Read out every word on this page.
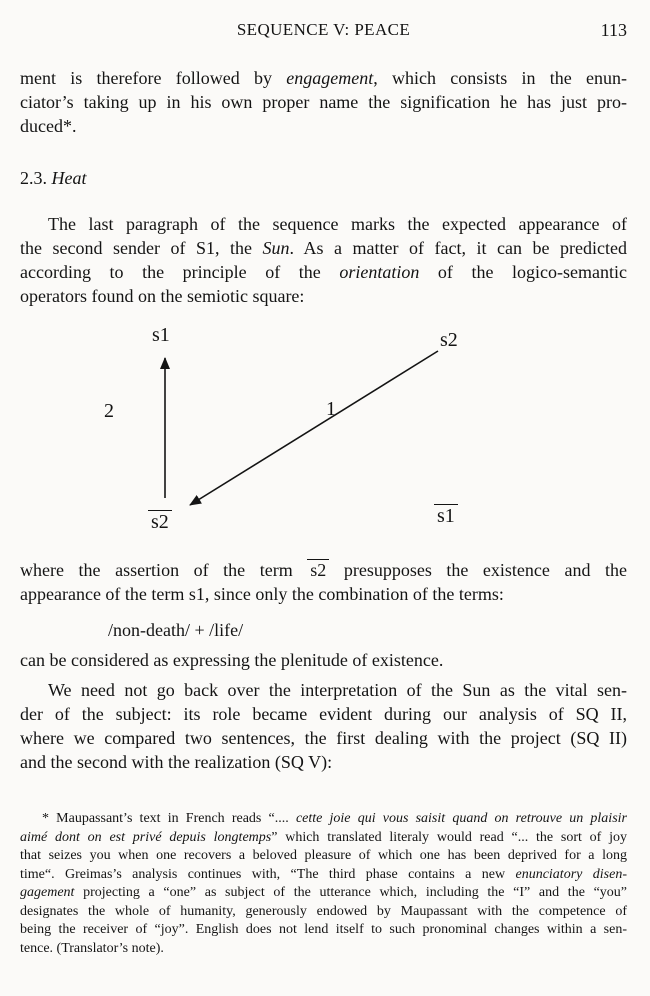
SEQUENCE V: PEACE	113
ment is therefore followed by engagement, which consists in the enun-
ciator’s taking up in his own proper name the signification he has just pro-
duced*.
2.3. Heat
The last paragraph of the sequence marks the expected appearance of
the second sender of S1, the Sun. As a matter of fact, it can be predicted
according to the principle of the orientation of the logico-semantic
operators found on the semiotic square:
s1	s2
2	1
s2	s1
where the assertion of the term s2 presupposes the existence and the
appearance of the term s1, since only the combination of the terms:
/non-death/ + /life/
can be considered as expressing the plenitude of existence.
We need not go back over the interpretation of the Sun as the vital sen-
der of the subject: its role became evident during our analysis of SQ II,
where we compared two sentences, the first dealing with the project (SQ II)
and the second with the realization (SQ V):
* Maupassant’s text in French reads “.... cette joie qui vous saisit quand on retrouve un plaisir
aimé dont on est privé depuis longtemps” which translated literaly would read “... the sort of joy
that seizes you when one recovers a beloved pleasure of which one has been deprived for a long
time“. Greimas’s analysis continues with, “The third phase contains a new enunciatory disen-
gagement projecting a “one” as subject of the utterance which, including the “I” and the “you”
designates the whole of humanity, generously endowed by Maupassant with the competence of
being the receiver of “joy”. English does not lend itself to such pronominal changes within a sen-
tence. (Translator’s note).
